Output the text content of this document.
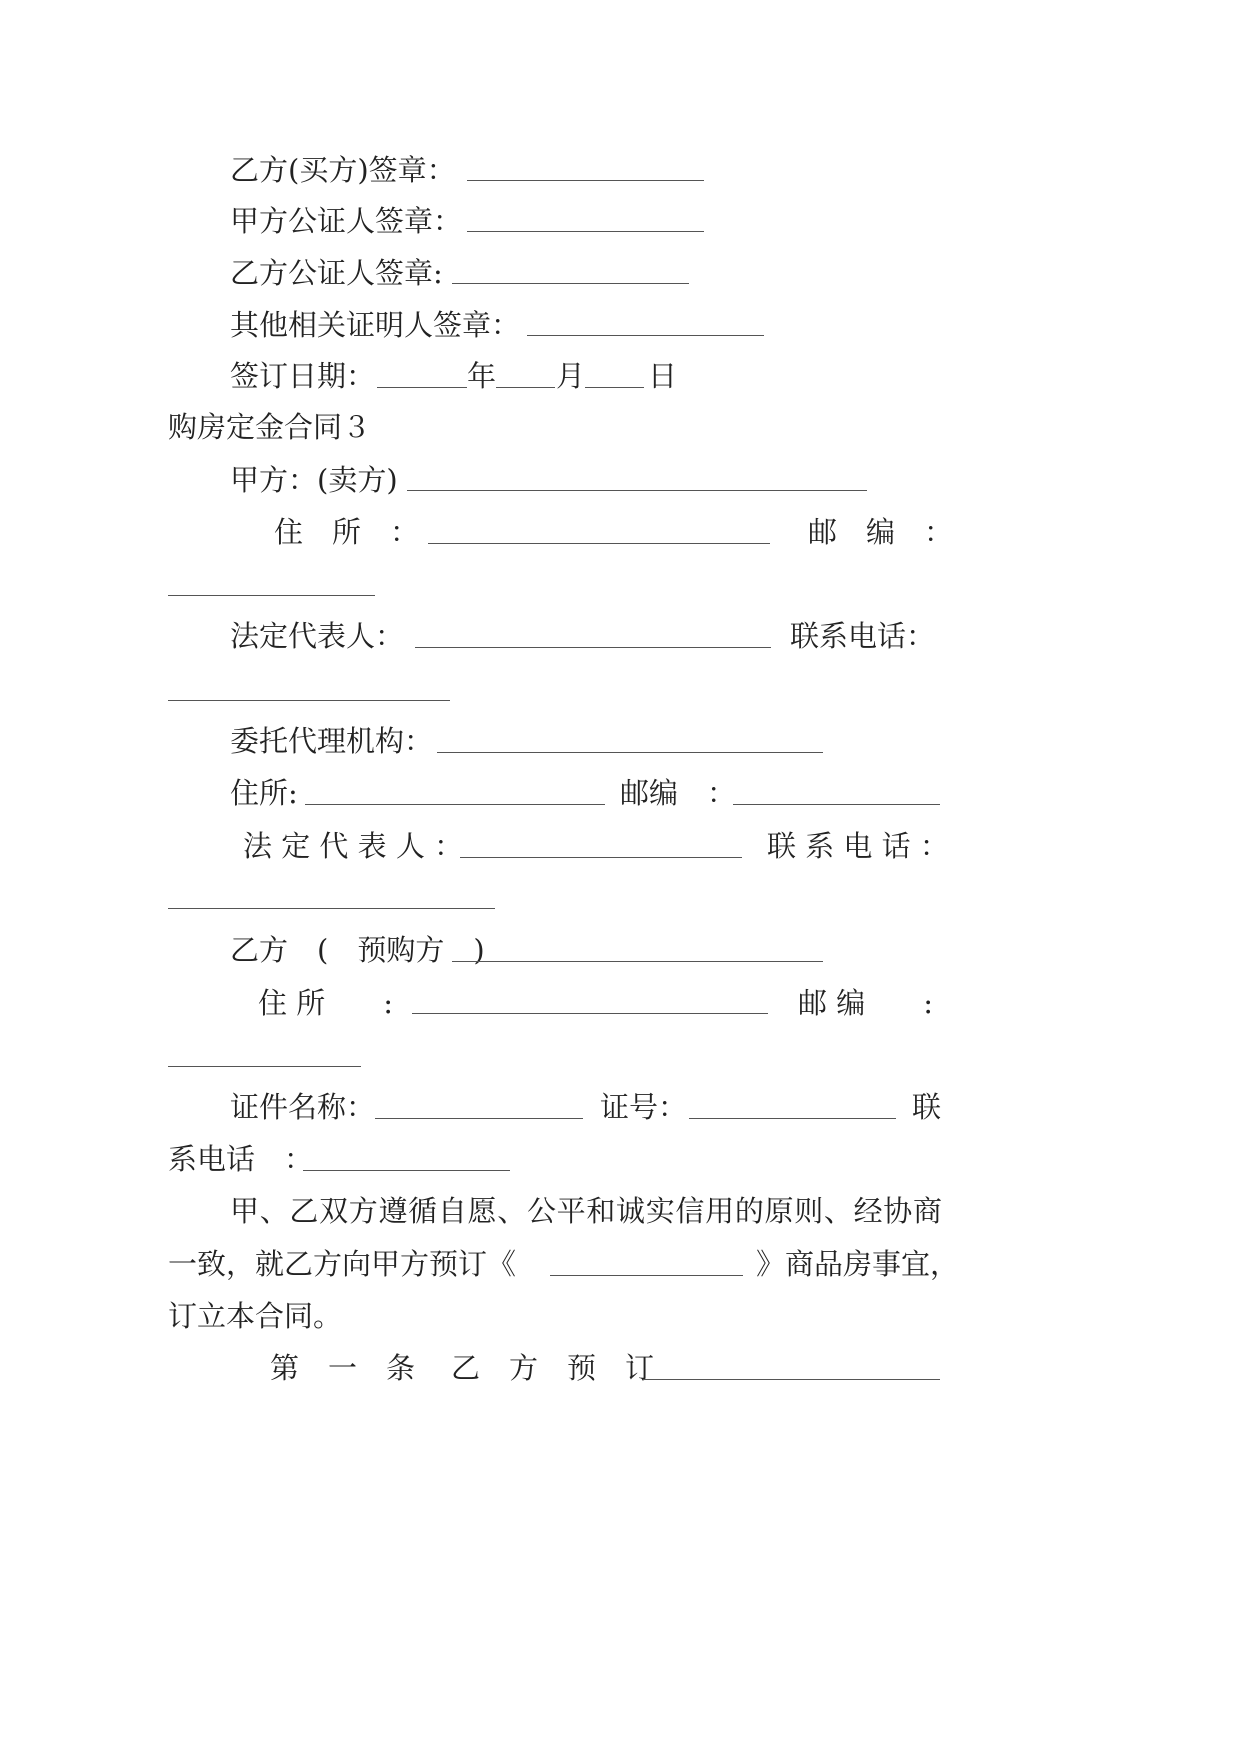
乙方(买方)签章：
甲方公证人签章：
乙方公证人签章:
其他相关证明人签章：
签订日期：	年 月 日
购房定金合同３
甲方：(卖方)
住　所　：	邮　编　：
法定代表人：	联系电话：
委托代理机构：
住所:	邮编　：
法 定 代 表 人 ：	联 系 电 话 ：
乙方　(　预购方　)
住 所　　:	邮 编　　:
证件名称：	证号：	联
系电话　：
甲、乙双方遵循自愿、公平和诚实信用的原则、经协商
一致，就乙方向甲方预订《	》商品房事宜，
订立本合同。
第　一　条 乙　方　预　订
